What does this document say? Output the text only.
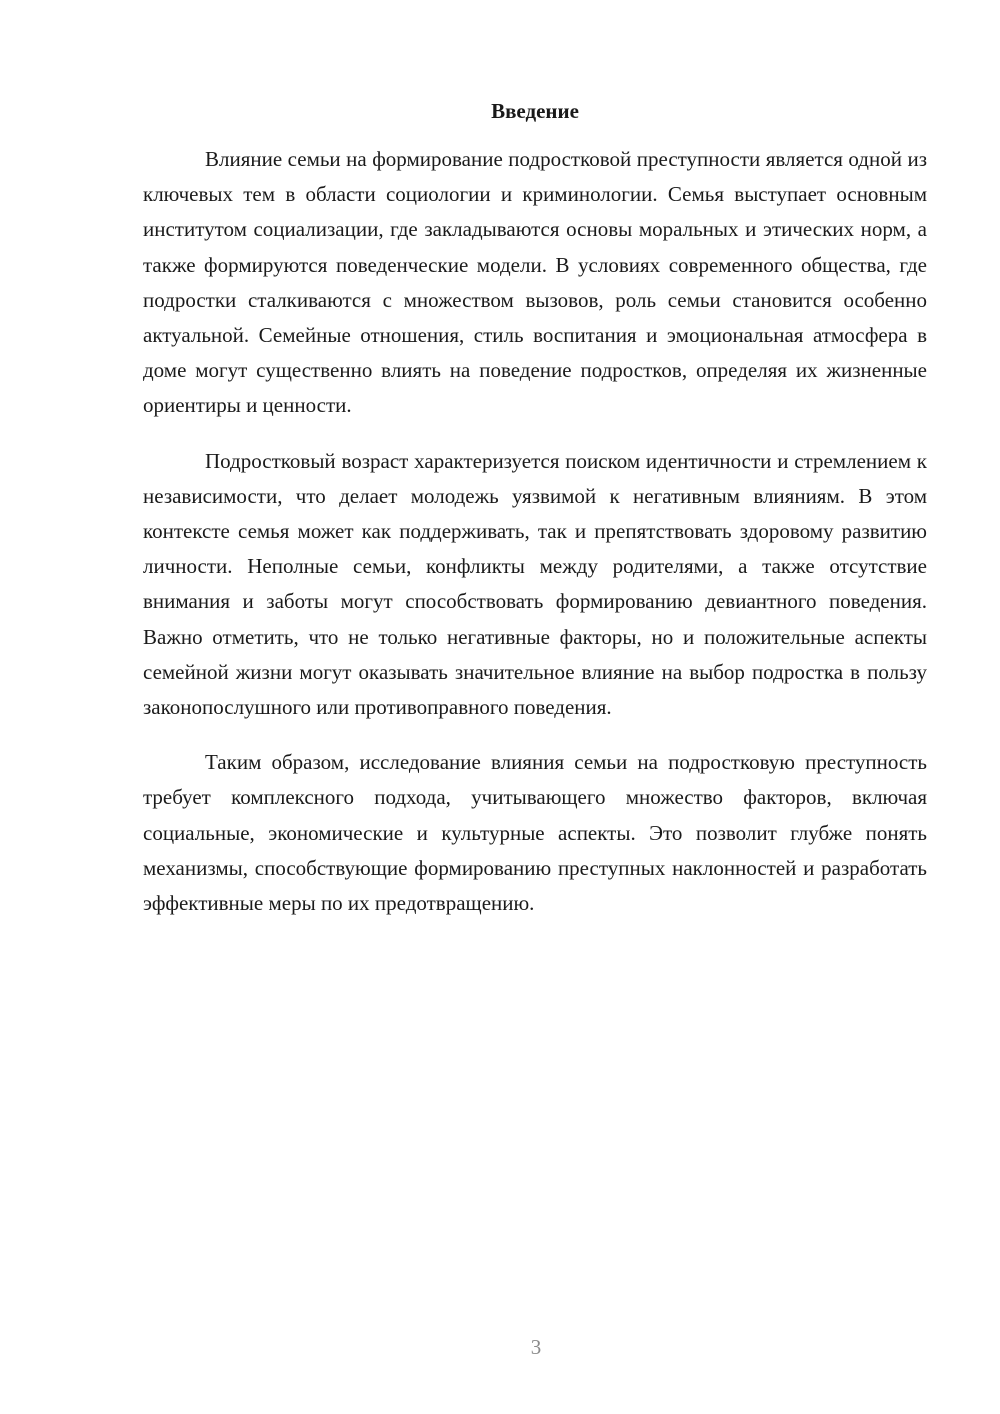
Введение

Влияние семьи на формирование подростковой преступности является одной из ключевых тем в области социологии и криминологии. Семья выступает основным институтом социализации, где закладываются основы моральных и этических норм, а также формируются поведенческие модели. В условиях современного общества, где подростки сталкиваются с множеством вызовов, роль семьи становится особенно актуальной. Семейные отношения, стиль воспитания и эмоциональная атмосфера в доме могут существенно влиять на поведение подростков, определяя их жизненные ориентиры и ценности.

Подростковый возраст характеризуется поиском идентичности и стремлением к независимости, что делает молодежь уязвимой к негативным влияниям. В этом контексте семья может как поддерживать, так и препятствовать здоровому развитию личности. Неполные семьи, конфликты между родителями, а также отсутствие внимания и заботы могут способствовать формированию девиантного поведения. Важно отметить, что не только негативные факторы, но и положительные аспекты семейной жизни могут оказывать значительное влияние на выбор подростка в пользу законопослушного или противоправного поведения.

Таким образом, исследование влияния семьи на подростковую преступность требует комплексного подхода, учитывающего множество факторов, включая социальные, экономические и культурные аспекты. Это позволит глубже понять механизмы, способствующие формированию преступных наклонностей и разработать эффективные меры по их предотвращению.

3
